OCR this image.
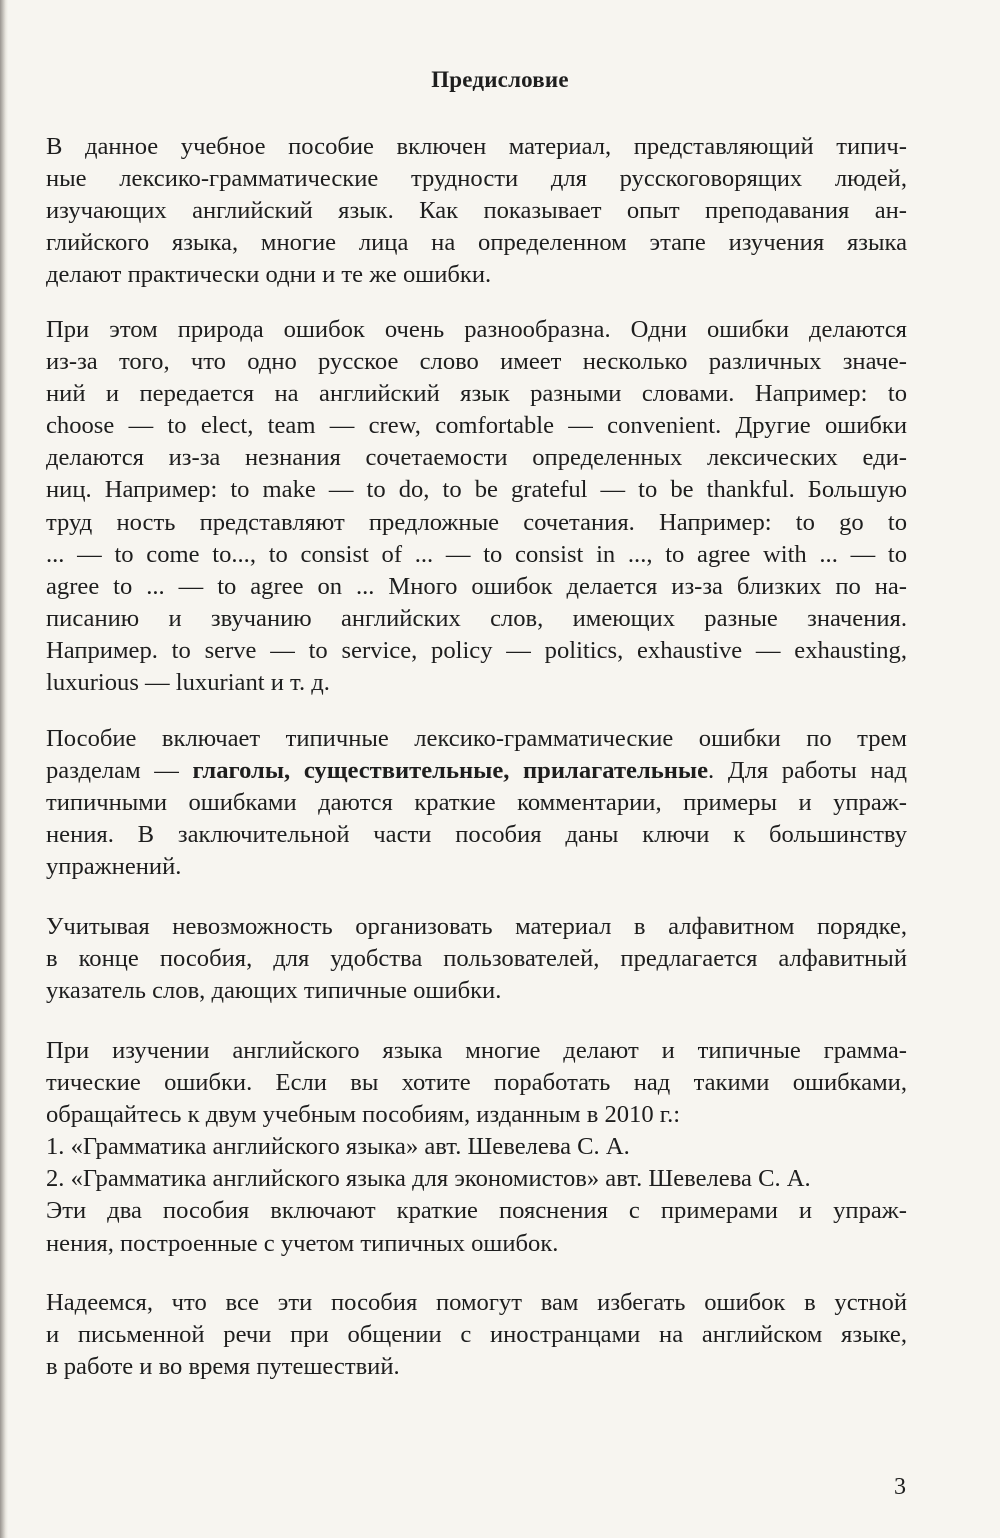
Предисловие
В данное учебное пособие включен материал, представляющий типич-
ные лексико-грамматические трудности для русскоговорящих людей,
изучающих английский язык. Как показывает опыт преподавания ан-
глийского языка, многие лица на определенном этапе изучения языка
делают практически одни и те же ошибки.
При этом природа ошибок очень разнообразна. Одни ошибки делаются
из-за того, что одно русское слово имеет несколько различных значе-
ний и передается на английский язык разными словами. Например: to
choose — to elect, team — crew, comfortable — convenient. Другие ошибки
делаются из-за незнания сочетаемости определенных лексических еди-
ниц. Например: to make — to do, to be grateful — to be thankful. Большую
труд ность представляют предложные сочетания. Например: to go to
... — to come to..., to consist of ... — to consist in ..., to agree with ... — to
agree to ... — to agree on ... Много ошибок делается из-за близких по на-
писанию и звучанию английских слов, имеющих разные значения.
Например. to serve — to service, policy — politics, exhaustive — exhausting,
luxurious — luxuriant и т. д.
Пособие включает типичные лексико-грамматические ошибки по трем
разделам — глаголы, существительные, прилагательные. Для работы над
типичными ошибками даются краткие комментарии, примеры и упраж-
нения. В заключительной части пособия даны ключи к большинству
упражнений.
Учитывая невозможность организовать материал в алфавитном порядке,
в конце пособия, для удобства пользователей, предлагается алфавитный
указатель слов, дающих типичные ошибки.
При изучении английского языка многие делают и типичные грамма-
тические ошибки. Если вы хотите поработать над такими ошибками,
обращайтесь к двум учебным пособиям, изданным в 2010 г.:
1. «Грамматика английского языка» авт. Шевелева С. А.
2. «Грамматика английского языка для экономистов» авт. Шевелева С. А.
Эти два пособия включают краткие пояснения с примерами и упраж-
нения, построенные с учетом типичных ошибок.
Надеемся, что все эти пособия помогут вам избегать ошибок в устной
и письменной речи при общении с иностранцами на английском языке,
в работе и во время путешествий.
3
